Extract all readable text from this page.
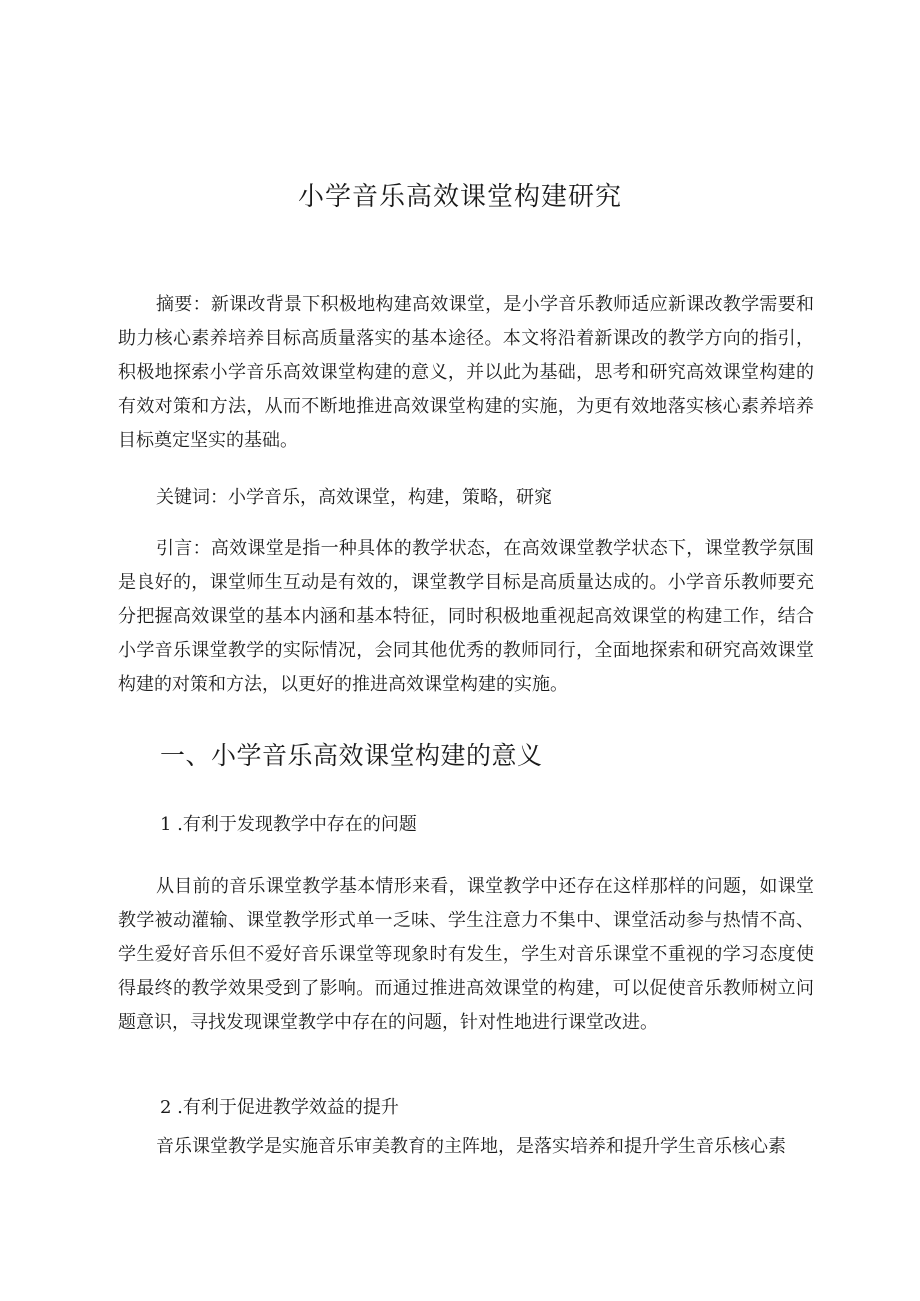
小学音乐高效课堂构建研究
摘要：新课改背景下积极地构建高效课堂，是小学音乐教师适应新课改教学需要和助力核心素养培养目标高质量落实的基本途径。本文将沿着新课改的教学方向的指引，积极地探索小学音乐高效课堂构建的意义，并以此为基础，思考和研究高效课堂构建的有效对策和方法，从而不断地推进高效课堂构建的实施，为更有效地落实核心素养培养目标奠定坚实的基础。
关键词：小学音乐，高效课堂，构建，策略，研窕
引言：高效课堂是指一种具体的教学状态，在高效课堂教学状态下，课堂教学氛围是良好的，课堂师生互动是有效的，课堂教学目标是高质量达成的。小学音乐教师要充分把握高效课堂的基本内涵和基本特征，同时积极地重视起高效课堂的构建工作，结合小学音乐课堂教学的实际情况，会同其他优秀的教师同行，全面地探索和研究高效课堂构建的对策和方法，以更好的推进高效课堂构建的实施。
一、小学音乐高效课堂构建的意义
1 .有利于发现教学中存在的问题
从目前的音乐课堂教学基本情形来看，课堂教学中还存在这样那样的问题，如课堂教学被动灌输、课堂教学形式单一乏味、学生注意力不集中、课堂活动参与热情不高、学生爱好音乐但不爱好音乐课堂等现象时有发生，学生对音乐课堂不重视的学习态度使得最终的教学效果受到了影响。而通过推进高效课堂的构建，可以促使音乐教师树立问题意识，寻找发现课堂教学中存在的问题，针对性地进行课堂改进。
2 .有利于促进教学效益的提升
音乐课堂教学是实施音乐审美教育的主阵地，是落实培养和提升学生音乐核心素
